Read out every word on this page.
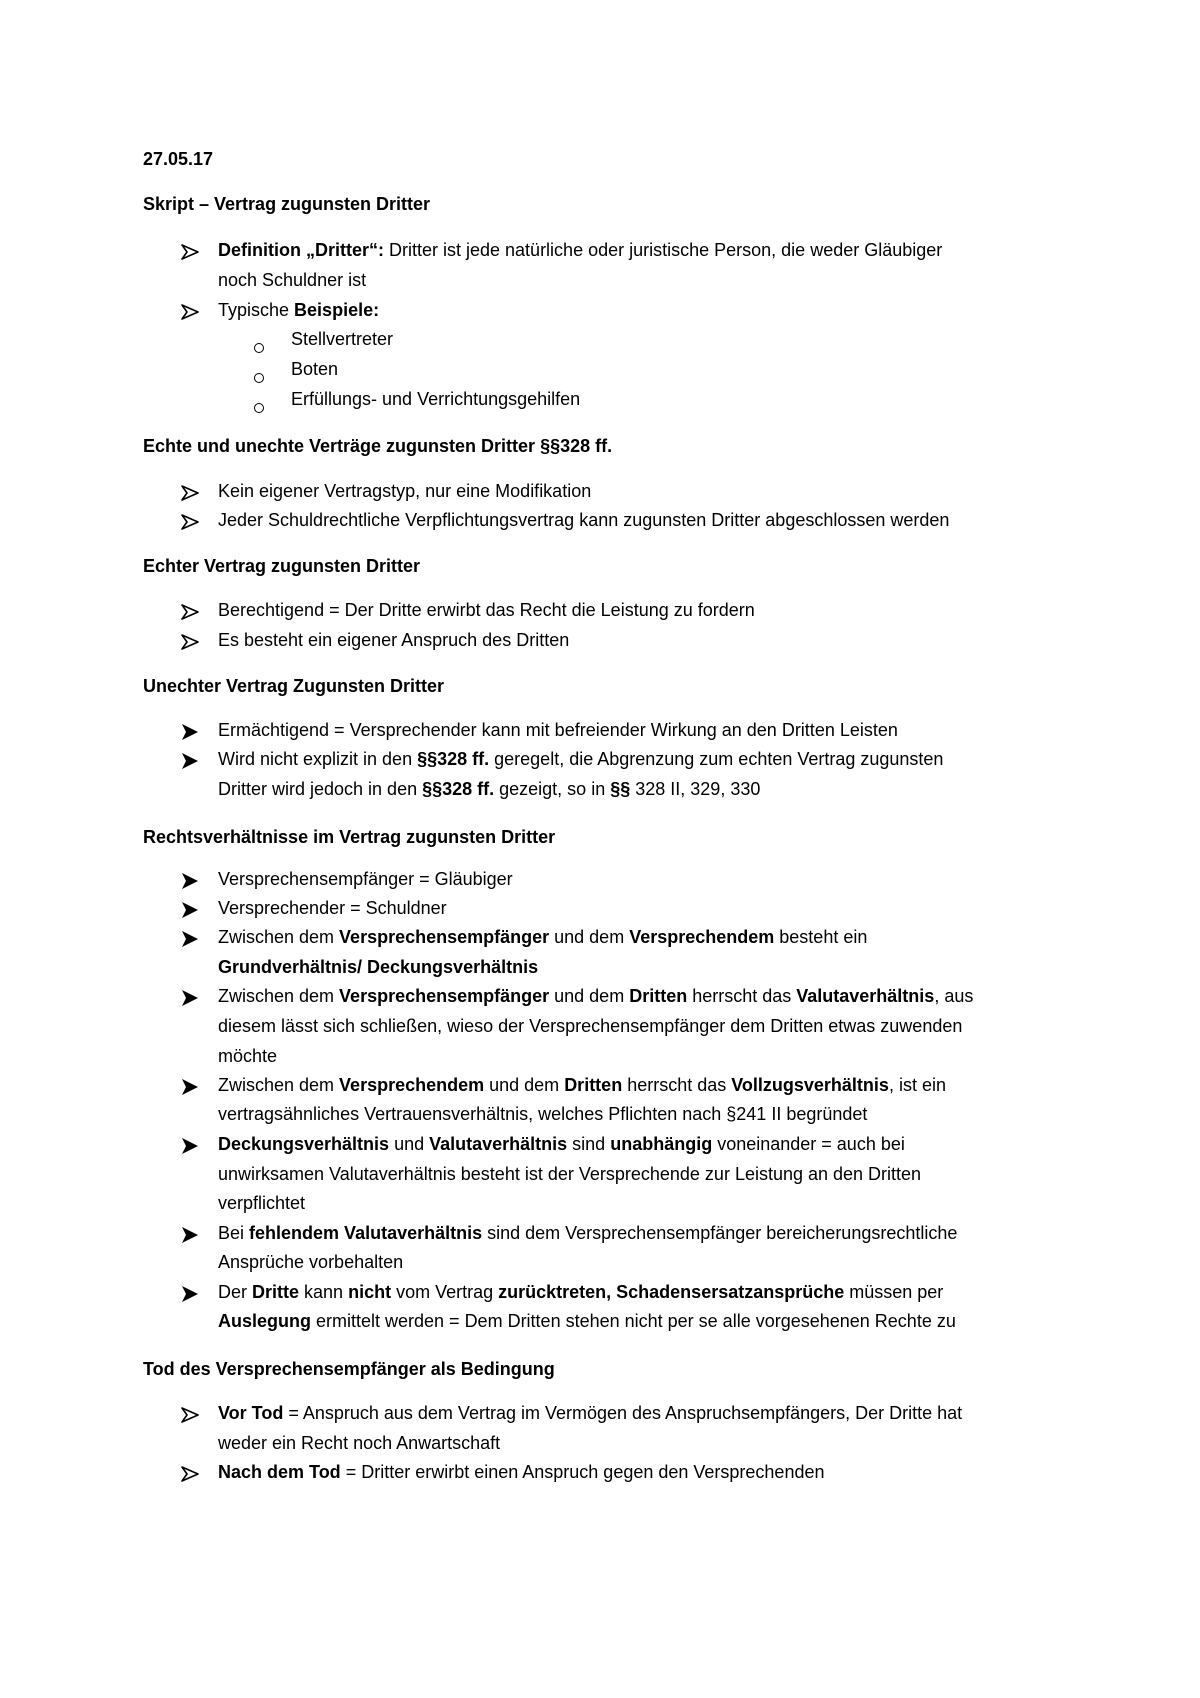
27.05.17
Skript – Vertrag zugunsten Dritter
Definition „Dritter“: Dritter ist jede natürliche oder juristische Person, die weder Gläubiger
noch Schuldner ist
Typische Beispiele:
Stellvertreter
Boten
Erfüllungs- und Verrichtungsgehilfen
Echte und unechte Verträge zugunsten Dritter §§328 ff.
Kein eigener Vertragstyp, nur eine Modifikation
Jeder Schuldrechtliche Verpflichtungsvertrag kann zugunsten Dritter abgeschlossen werden
Echter Vertrag zugunsten Dritter
Berechtigend = Der Dritte erwirbt das Recht die Leistung zu fordern
Es besteht ein eigener Anspruch des Dritten
Unechter Vertrag Zugunsten Dritter
Ermächtigend = Versprechender kann mit befreiender Wirkung an den Dritten Leisten
Wird nicht explizit in den §§328 ff. geregelt, die Abgrenzung zum echten Vertrag zugunsten
Dritter wird jedoch in den §§328 ff. gezeigt, so in §§ 328 II, 329, 330
Rechtsverhältnisse im Vertrag zugunsten Dritter
Versprechensempfänger = Gläubiger
Versprechender = Schuldner
Zwischen dem Versprechensempfänger und dem Versprechendem besteht ein
Grundverhältnis/ Deckungsverhältnis
Zwischen dem Versprechensempfänger und dem Dritten herrscht das Valutaverhältnis, aus
diesem lässt sich schließen, wieso der Versprechensempfänger dem Dritten etwas zuwenden
möchte
Zwischen dem Versprechendem und dem Dritten herrscht das Vollzugsverhältnis, ist ein
vertragsähnliches Vertrauensverhältnis, welches Pflichten nach §241 II begründet
Deckungsverhältnis und Valutaverhältnis sind unabhängig voneinander = auch bei
unwirksamen Valutaverhältnis besteht ist der Versprechende zur Leistung an den Dritten
verpflichtet
Bei fehlendem Valutaverhältnis sind dem Versprechensempfänger bereicherungsrechtliche
Ansprüche vorbehalten
Der Dritte kann nicht vom Vertrag zurücktreten, Schadensersatzansprüche müssen per
Auslegung ermittelt werden = Dem Dritten stehen nicht per se alle vorgesehenen Rechte zu
Tod des Versprechensempfänger als Bedingung
Vor Tod = Anspruch aus dem Vertrag im Vermögen des Anspruchsempfängers, Der Dritte hat
weder ein Recht noch Anwartschaft
Nach dem Tod = Dritter erwirbt einen Anspruch gegen den Versprechenden
